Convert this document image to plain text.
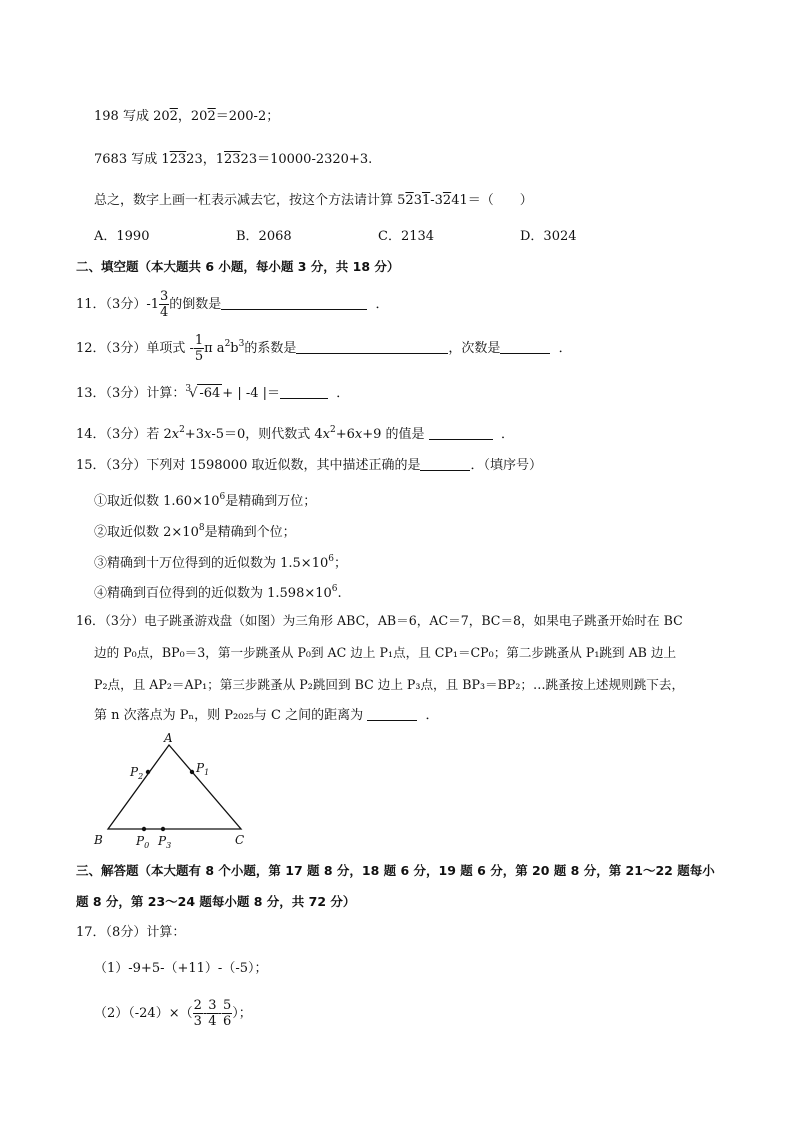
198 写成 202，202＝200-2；
7683 写成 12323，12323＝10000-2320+3.
总之，数字上画一杠表示减去它，按这个方法请计算 5231-3241＝（　　）
A．1990	B．2068	C．2134	D．3024
二、填空题（本大题共 6 小题，每小题 3 分，共 18 分）
11．（3分）$-1 \frac{3}{4}$ 的倒数是	．
12．（3分）单项式 - $\frac{1}{5}$ π $a^2b^3$的系数是	，次数是	．
13．（3分）计算：$^3$√ -64 + | -4 |＝	．
14．（3分）若 $2x^2+3x-5=0$，则代数式 $4x^2+6x+9$ 的值是	．
15．（3分）下列对 1598000 取近似数，其中描述正确的是	．（填序号）
①取近似数 $1.60\times 10^6$是精确到万位；
②取近似数 $2\times 10^8$是精确到个位；
③精确到十万位得到的近似数为 $1.5\times 10^6$；
④精确到百位得到的近似数为 $1.598\times 10^6$.
16．（3分）电子跳蚤游戏盘（如图）为三角形 ABC，AB＝6，AC＝7，BC＝8，如果电子跳蚤开始时在 BC
边的 P₀点，BP₀＝3，第一步跳蚤从 P₀到 AC 边上 P₁点，且 CP₁＝CP₀；第二步跳蚤从 P₁跳到 AB 边上
P₂点，且 AP₂＝AP₁；第三步跳蚤从 P₂跳回到 BC 边上 P₃点，且 BP₃＝BP₂；…跳蚤按上述规则跳下去，
第 n 次落点为 Pₙ，则 P₂₀₂₅与 C 之间的距离为	．
A
B	C
$P_2$
$P_1$
$P_0$ $P_3$
三、解答题（本大题有 8 个小题，第 17 题 8 分，18 题 6 分，19 题 6 分，第 20 题 8 分，第 21～22 题每小
题 8 分，第 23～24 题每小题 8 分，共 72 分）
17．（8分）计算：
（1）-9+5-（+11）-（-5）；
$(2)(-24)\times( \frac{2}{3} - \frac{3}{4} - \frac{5}{6}$ ）；
